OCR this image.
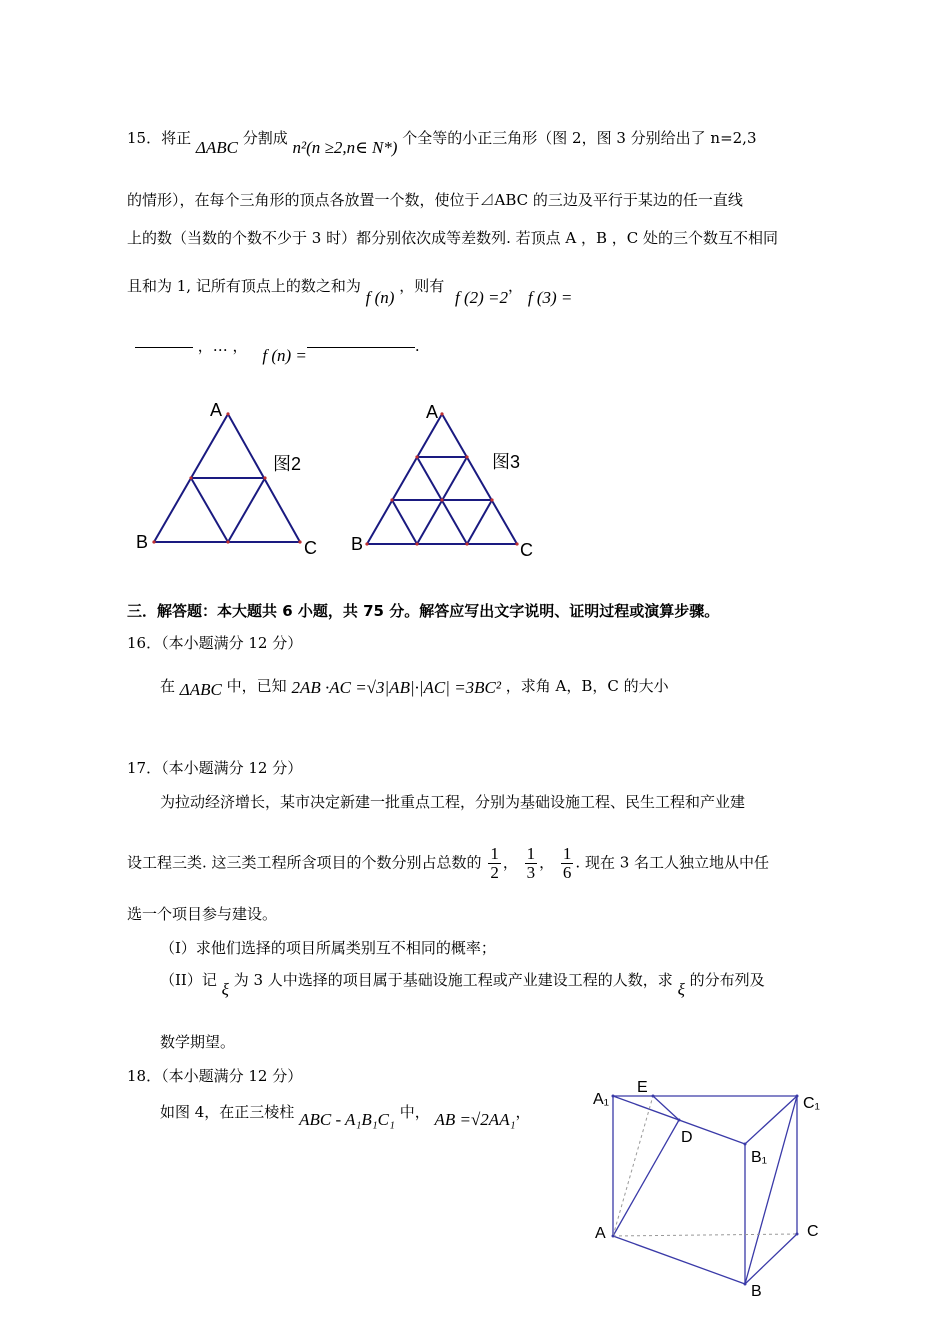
15．将正 ΔABC 分割成 n²(n ≥2,n∈ N*) 个全等的小正三角形（图 2，图 3 分别给出了 n=2,3
的情形），在每个三角形的顶点各放置一个数，使位于⊿ABC 的三边及平行于某边的任一直线
上的数（当数的个数不少于 3 时）都分别依次成等差数列. 若顶点 A ，B ，C 处的三个数互不相同
且和为 1, 记所有顶点上的数之和为 f (n) ，则有 f (2) =2， f (3) =
，… ， f (n) =	.
A
B	C
图2
A
B	C
图3
三．解答题：本大题共 6 小题，共 75 分。解答应写出文字说明、证明过程或演算步骤。
16．（本小题满分 12 分）
在 ΔABC 中，已知 2AB ·AC =√3|AB|·|AC| =3BC² ，求角 A，B，C 的大小
17．（本小题满分 12 分）
为拉动经济增长，某市决定新建一批重点工程，分别为基础设施工程、民生工程和产业建
设工程三类. 这三类工程所含项目的个数分别占总数的 $\frac{1}{2}$ ， $\frac{1}{3}$ ， $\frac{1}{6}$ . 现在 3 名工人独立地从中任
选一个项目参与建设。
（I）求他们选择的项目所属类别互不相同的概率；
（II）记 ξ 为 3 人中选择的项目属于基础设施工程或产业建设工程的人数，求 ξ 的分布列及
数学期望。
18．（本小题满分 12 分）
如图 4，在正三棱柱 ABC - A₁B₁C₁ 中， AB =√2AA₁，
A₁
E
C₁
D
B₁
A	C
B
